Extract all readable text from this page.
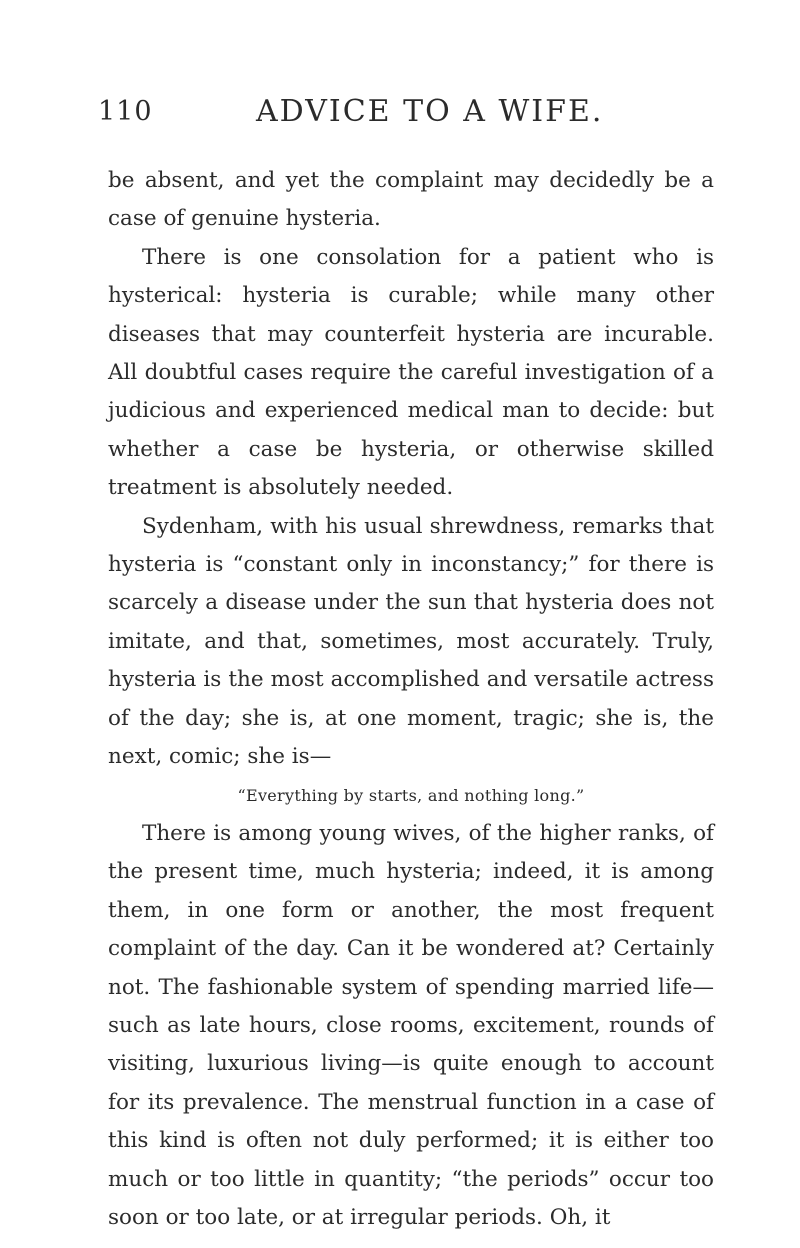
110	ADVICE TO A WIFE.

be absent, and yet the complaint may decidedly be a case of genuine hysteria.

There is one consolation for a patient who is hysterical: hysteria is curable; while many other diseases that may counterfeit hysteria are incurable. All doubtful cases require the careful investigation of a judicious and experienced medical man to decide: but whether a case be hysteria, or otherwise skilled treatment is absolutely needed.

Sydenham, with his usual shrewdness, remarks that hysteria is “constant only in inconstancy;” for there is scarcely a disease under the sun that hysteria does not imitate, and that, sometimes, most accurately. Truly, hysteria is the most accomplished and versatile actress of the day; she is, at one moment, tragic; she is, the next, comic; she is—

“Everything by starts, and nothing long.”

There is among young wives, of the higher ranks, of the present time, much hysteria; indeed, it is among them, in one form or another, the most frequent complaint of the day. Can it be wondered at? Certainly not. The fashionable system of spending married life—such as late hours, close rooms, excitement, rounds of visiting, luxurious living—is quite enough to account for its prevalence. The menstrual function in a case of this kind is often not duly performed; it is either too much or too little in quantity; “the periods” occur too soon or too late, or at irregular periods. Oh, it
